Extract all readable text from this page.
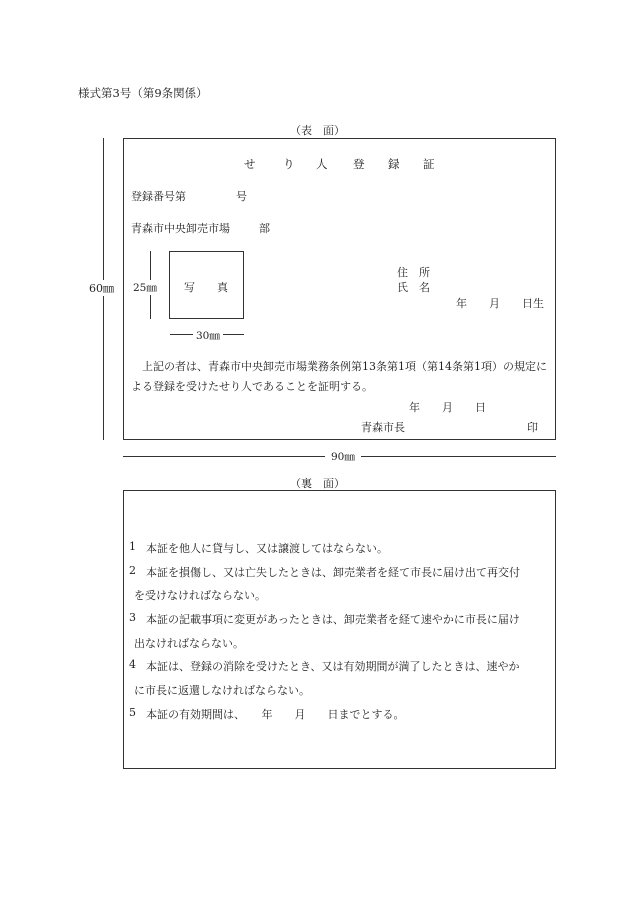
様式第3号（第9条関係）
（表　面）
60㎜
せ り 人 登 録 証
登録番号第	号
青森市中央卸売市場	部
25㎜ 写　　真
30㎜
住　所
氏　名
年　　月　　日生
上記の者は、青森市中央卸売市場業務条例第13条第1項（第14条第1項）の規定に
よる登録を受けたせり人であることを証明する。
年　　月　　日
青森市長	印
90㎜
（裏　面）
1 本証を他人に貸与し、又は譲渡してはならない。
2 本証を損傷し、又は亡失したときは、卸売業者を経て市長に届け出て再交付
を受けなければならない。
3 本証の記載事項に変更があったときは、卸売業者を経て速やかに市長に届け
出なければならない。
4 本証は、登録の消除を受けたとき、又は有効期間が満了したときは、速やか
に市長に返還しなければならない。
5 本証の有効期間は、　　年　　月　　日までとする。
